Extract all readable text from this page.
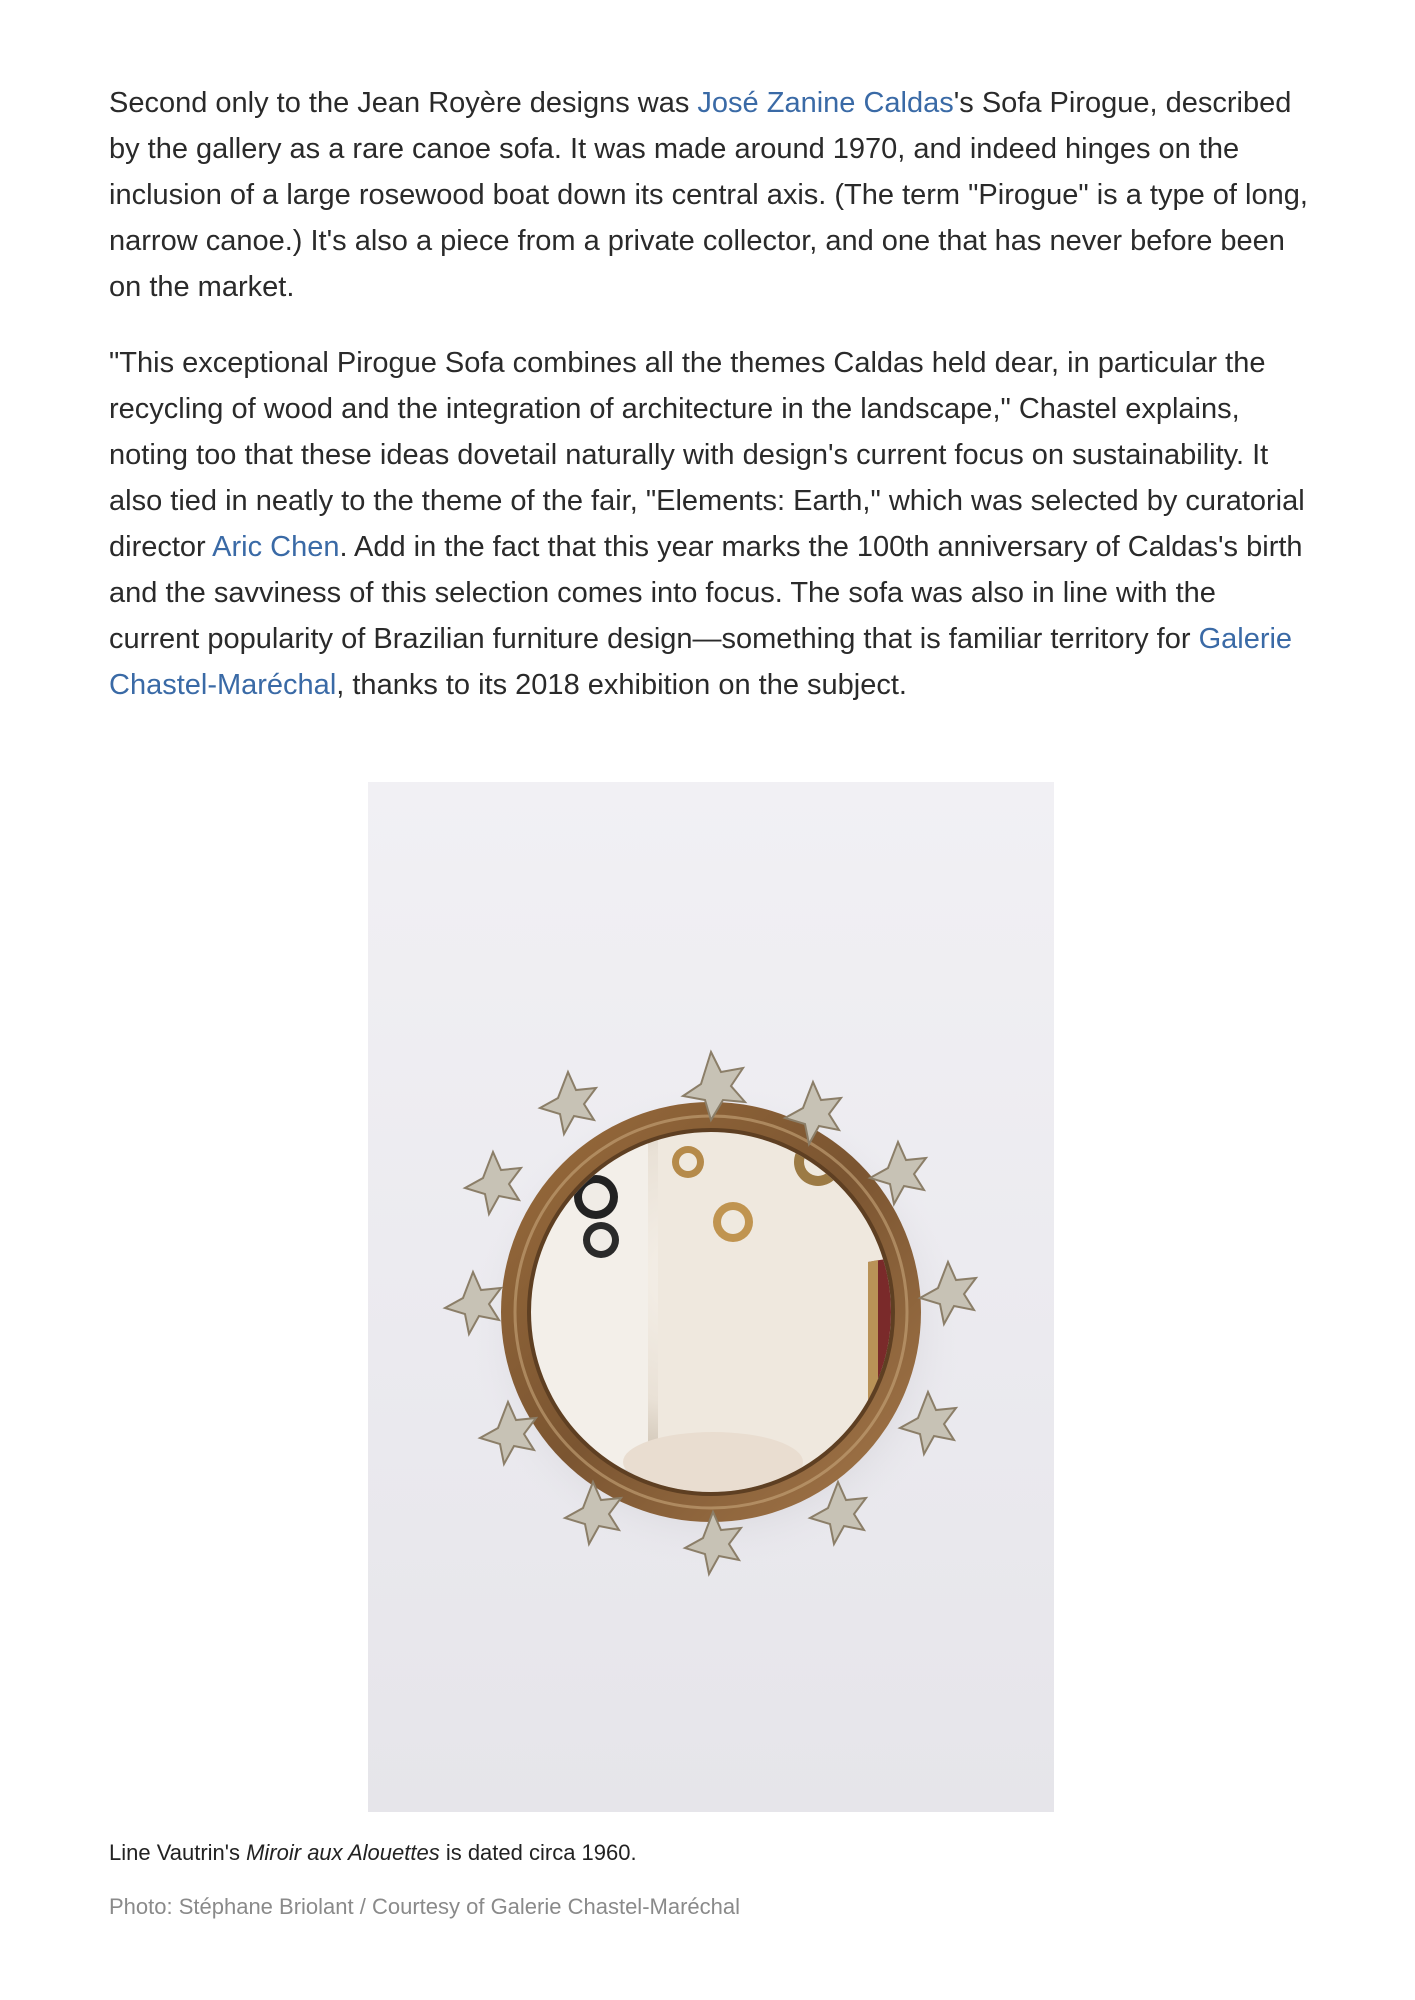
Second only to the Jean Royère designs was José Zanine Caldas's Sofa Pirogue, described by the gallery as a rare canoe sofa. It was made around 1970, and indeed hinges on the inclusion of a large rosewood boat down its central axis. (The term "Pirogue" is a type of long, narrow canoe.) It's also a piece from a private collector, and one that has never before been on the market.

"This exceptional Pirogue Sofa combines all the themes Caldas held dear, in particular the recycling of wood and the integration of architecture in the landscape," Chastel explains, noting too that these ideas dovetail naturally with design's current focus on sustainability. It also tied in neatly to the theme of the fair, "Elements: Earth," which was selected by curatorial director Aric Chen. Add in the fact that this year marks the 100th anniversary of Caldas's birth and the savviness of this selection comes into focus. The sofa was also in line with the current popularity of Brazilian furniture design—something that is familiar territory for Galerie Chastel-Maréchal, thanks to its 2018 exhibition on the subject.

Line Vautrin's Miroir aux Alouettes is dated circa 1960.

Photo: Stéphane Briolant / Courtesy of Galerie Chastel-Maréchal
